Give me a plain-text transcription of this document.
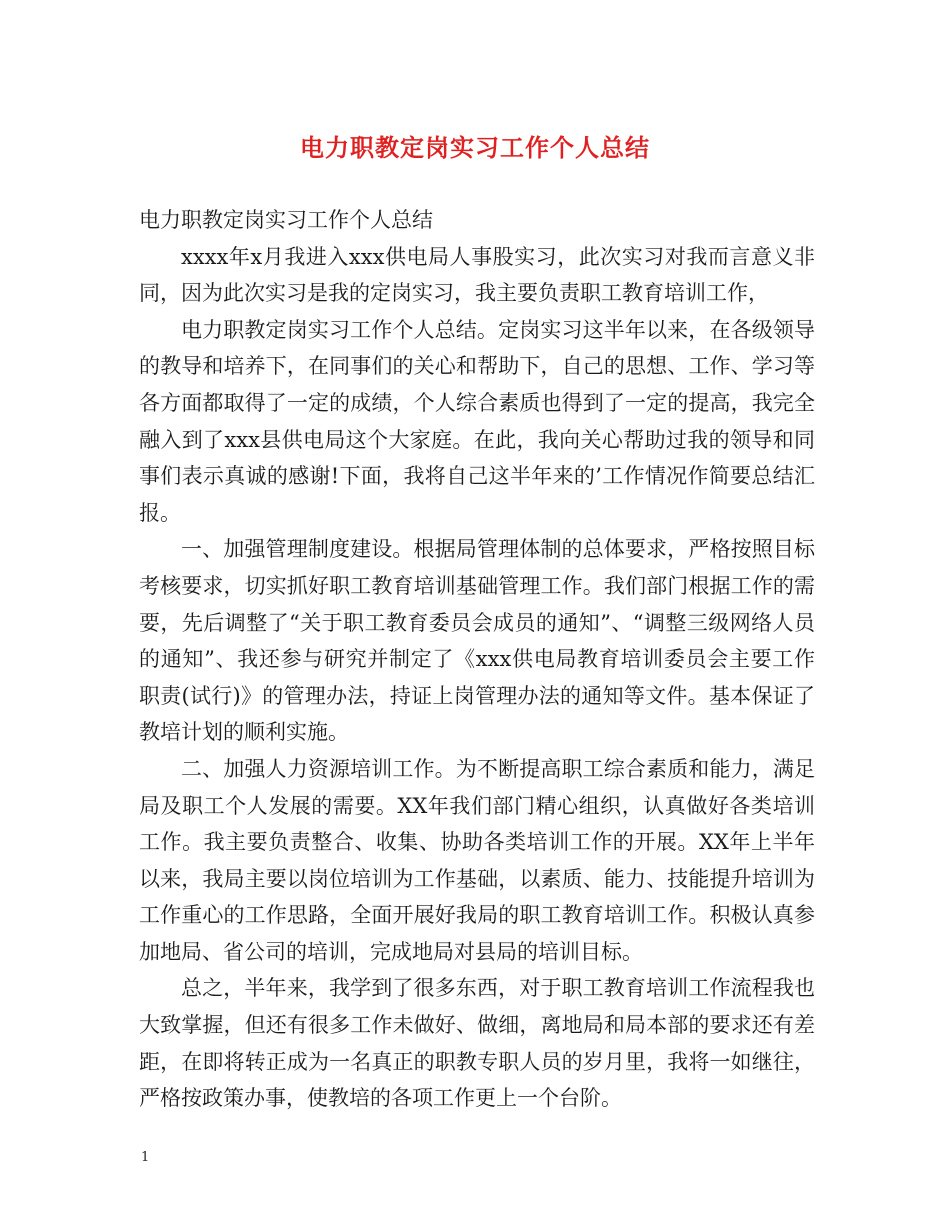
电力职教定岗实习工作个人总结

电力职教定岗实习工作个人总结

xxxx年x月我进入xxx供电局人事股实习，此次实习对我而言意义非同，因为此次实习是我的定岗实习，我主要负责职工教育培训工作，

电力职教定岗实习工作个人总结。定岗实习这半年以来，在各级领导的教导和培养下，在同事们的关心和帮助下，自己的思想、工作、学习等各方面都取得了一定的成绩，个人综合素质也得到了一定的提高，我完全融入到了xxx县供电局这个大家庭。在此，我向关心帮助过我的领导和同事们表示真诚的感谢!下面，我将自己这半年来的’工作情况作简要总结汇报。

一、加强管理制度建设。根据局管理体制的总体要求，严格按照目标考核要求，切实抓好职工教育培训基础管理工作。我们部门根据工作的需要，先后调整了“关于职工教育委员会成员的通知”、“调整三级网络人员的通知”、我还参与研究并制定了《xxx供电局教育培训委员会主要工作职责(试行)》的管理办法，持证上岗管理办法的通知等文件。基本保证了教培计划的顺利实施。

二、加强人力资源培训工作。为不断提高职工综合素质和能力，满足局及职工个人发展的需要。XX年我们部门精心组织，认真做好各类培训工作。我主要负责整合、收集、协助各类培训工作的开展。XX年上半年以来，我局主要以岗位培训为工作基础，以素质、能力、技能提升培训为工作重心的工作思路，全面开展好我局的职工教育培训工作。积极认真参加地局、省公司的培训，完成地局对县局的培训目标。

总之，半年来，我学到了很多东西，对于职工教育培训工作流程我也大致掌握，但还有很多工作未做好、做细，离地局和局本部的要求还有差距，在即将转正成为一名真正的职教专职人员的岁月里，我将一如继往，严格按政策办事，使教培的各项工作更上一个台阶。

1
